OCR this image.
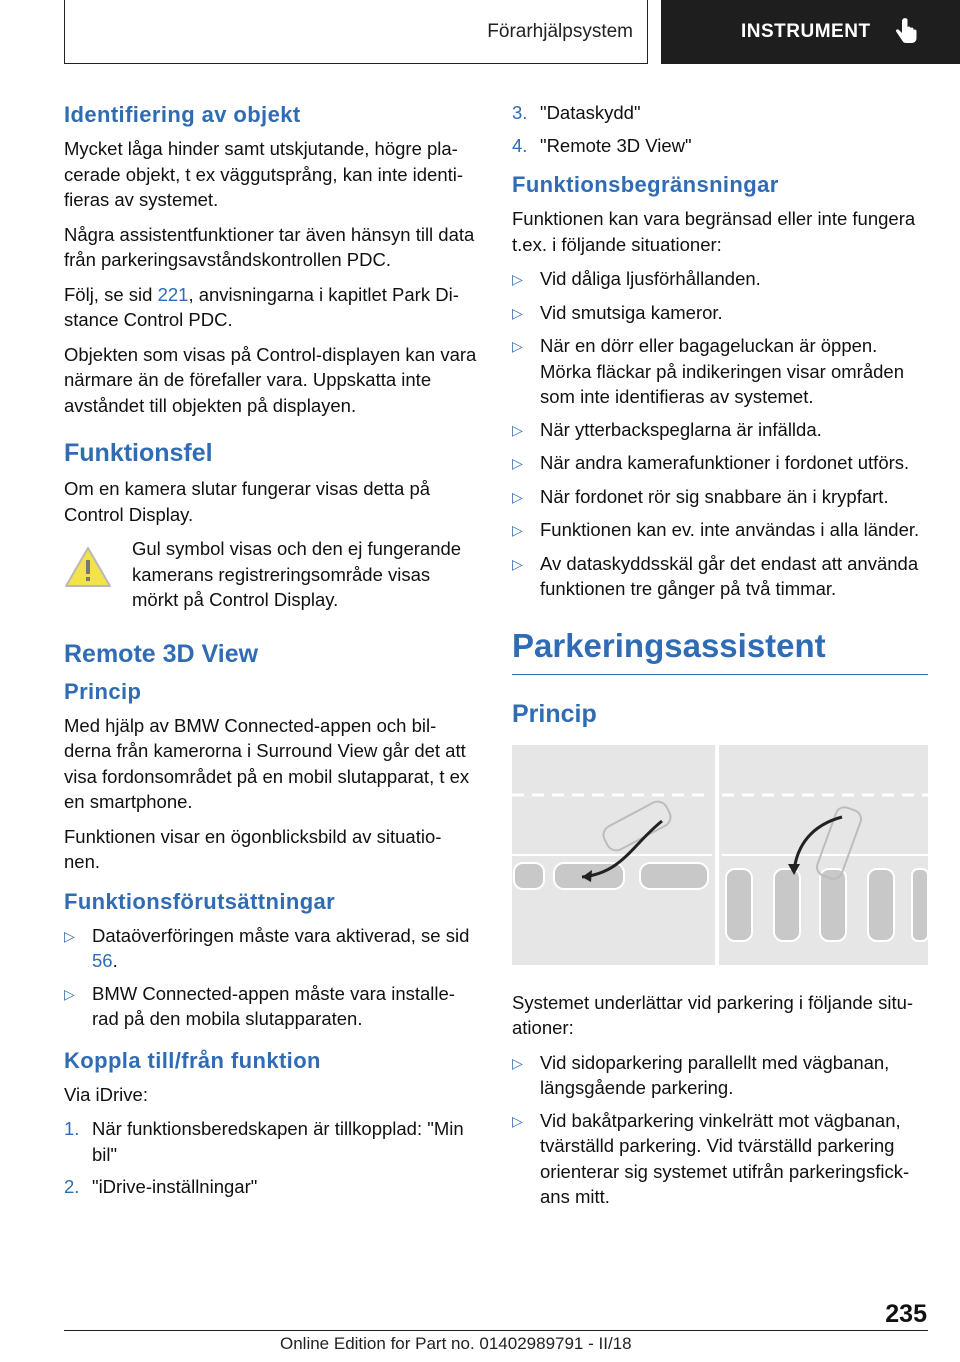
Förarhjälpsystem	INSTRUMENT
Identifiering av objekt

Mycket låga hinder samt utskjutande, högre pla- cerade objekt, t ex väggutsprång, kan inte identi- fieras av systemet.

Några assistentfunktioner tar även hänsyn till data från parkeringsavståndskontrollen PDC.

Följ, se sid 221, anvisningarna i kapitlet Park Di- stance Control PDC.

Objekten som visas på Control-displayen kan vara närmare än de förefaller vara. Uppskatta inte avståndet till objekten på displayen.

Funktionsfel

Om en kamera slutar fungerar visas detta på Control Display.

Gul symbol visas och den ej fungerande kamerans registreringsområde visas mörkt på Control Display.
Remote 3D View
Princip

Med hjälp av BMW Connected-appen och bil- derna från kamerorna i Surround View går det att visa fordonsområdet på en mobil slutapparat, t ex en smartphone.

Funktionen visar en ögonblicksbild av situatio- nen.

Funktionsförutsättningar
▷ Dataöverföringen måste vara aktiverad, se sid 56.
▷ BMW Connected-appen måste vara installe- rad på den mobila slutapparaten.
Koppla till/från funktion

Via iDrive:

1. När funktionsberedskapen är tillkopplad: "Min bil"
2. "iDrive-inställningar"
3. "Dataskydd"
4. "Remote 3D View"
Funktionsbegränsningar

Funktionen kan vara begränsad eller inte fungera t.ex. i följande situationer:

▷ Vid dåliga ljusförhållanden.
▷ Vid smutsiga kameror.
▷ När en dörr eller bagageluckan är öppen. Mörka fläckar på indikeringen visar områden som inte identifieras av systemet.
▷ När ytterbackspeglarna är infällda.
▷ När andra kamerafunktioner i fordonet utförs.
▷ När fordonet rör sig snabbare än i krypfart.
▷ Funktionen kan ev. inte användas i alla länder.
▷ Av dataskyddsskäl går det endast att använda funktionen tre gånger på två timmar.
Parkeringsassistent
Princip

Systemet underlättar vid parkering i följande situ- ationer:

▷ Vid sidoparkering parallellt med vägbanan, längsgående parkering.
▷ Vid bakåtparkering vinkelrätt mot vägbanan, tvärställd parkering. Vid tvärställd parkering orienterar sig systemet utifrån parkeringsfick- ans mitt.
235
Online Edition for Part no. 01402989791 - II/18
